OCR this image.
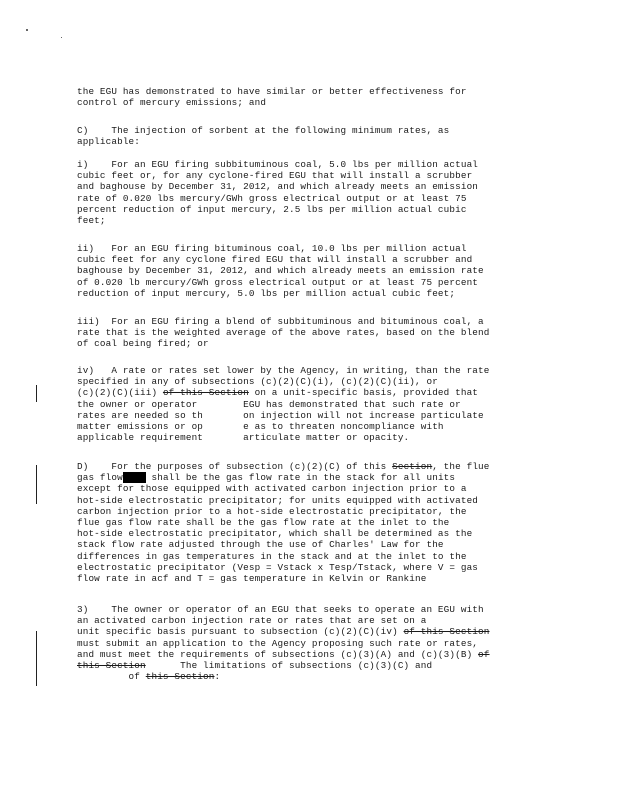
the EGU has demonstrated to have similar or better effectiveness for
control of mercury emissions; and
C)    The injection of sorbent at the following minimum rates, as
applicable:
i)    For an EGU firing subbituminous coal, 5.0 lbs per million actual
cubic feet or, for any cyclone-fired EGU that will install a scrubber
and baghouse by December 31, 2012, and which already meets an emission
rate of 0.020 lbs mercury/GWh gross electrical output or at least 75
percent reduction of input mercury, 2.5 lbs per million actual cubic
feet;
ii)   For an EGU firing bituminous coal, 10.0 lbs per million actual
cubic feet for any cyclone fired EGU that will install a scrubber and
baghouse by December 31, 2012, and which already meets an emission rate
of 0.020 lb mercury/GWh gross electrical output or at least 75 percent
reduction of input mercury, 5.0 lbs per million actual cubic feet;
iii)  For an EGU firing a blend of subbituminous and bituminous coal, a
rate that is the weighted average of the above rates, based on the blend
of coal being fired; or
iv)   A rate or rates set lower by the Agency, in writing, than the rate
specified in any of subsections (c)(2)(C)(i), (c)(2)(C)(ii), or
(c)(2)(C)(iii) of this Section on a unit-specific basis, provided that
the owner or operator        EGU has demonstrated that such rate or
rates are needed so th       on injection will not increase particulate
matter emissions or op       e as to threaten noncompliance with
applicable requirement       articulate matter or opacity.
D)    For the purposes of subsection (c)(2)(C) of this Section, the flue
gas flowrate shall be the gas flow rate in the stack for all units
except for those equipped with activated carbon injection prior to a
hot-side electrostatic precipitator; for units equipped with activated
carbon injection prior to a hot-side electrostatic precipitator, the
flue gas flow rate shall be the gas flow rate at the inlet to the
hot-side electrostatic precipitator, which shall be determined as the
stack flow rate adjusted through the use of Charles' Law for the
differences in gas temperatures in the stack and at the inlet to the
electrostatic precipitator (Vesp = Vstack x Tesp/Tstack, where V = gas
flow rate in acf and T = gas temperature in Kelvin or Rankine
3)    The owner or operator of an EGU that seeks to operate an EGU with
an activated carbon injection rate or rates that are set on a
unit specific basis pursuant to subsection (c)(2)(C)(iv) of this Section
must submit an application to the Agency proposing such rate or rates,
and must meet the requirements of subsections (c)(3)(A) and (c)(3)(B) of
this Section      The limitations of subsections (c)(3)(C) and
of this Section:
